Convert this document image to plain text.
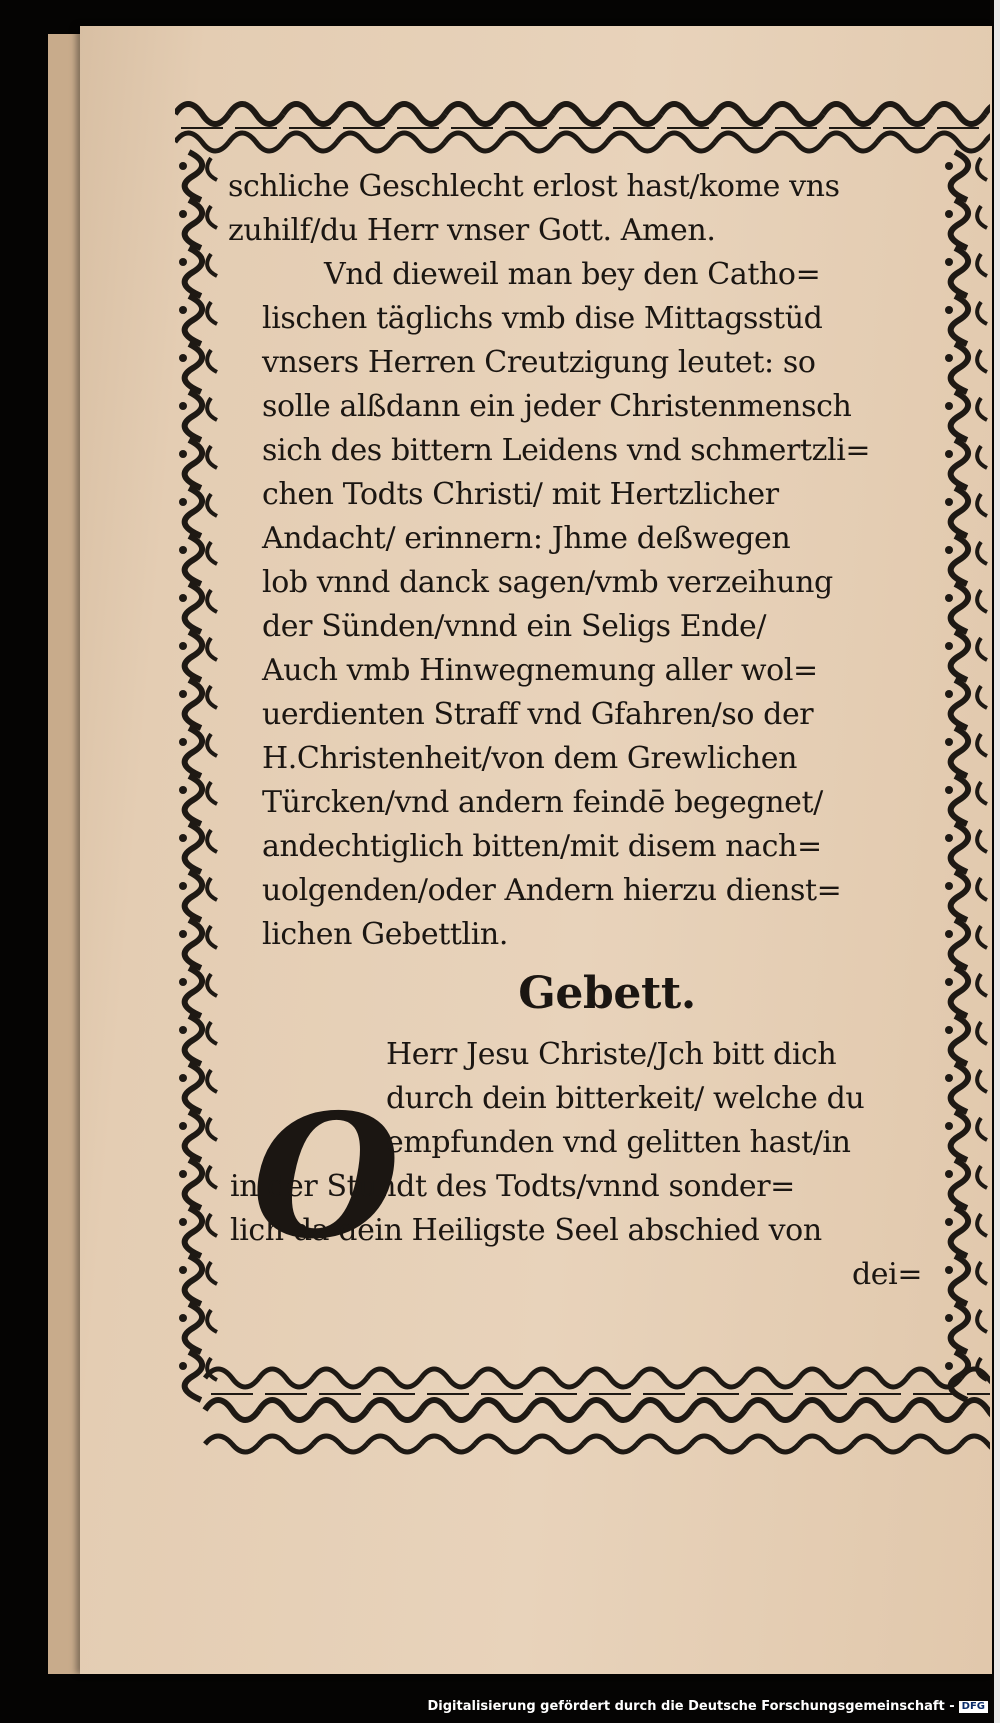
schliche Geschlecht erlost hast/kome vns
zuhilf/du Herr vnser Gott. Amen.
Vnd dieweil man bey den Catho=
lischen täglichs vmb dise Mittagsstüd
vnsers Herren Creutzigung leutet: so
solle alßdann ein jeder Christenmensch
sich des bittern Leidens vnd schmertzli=
chen Todts Christi/ mit Hertzlicher
Andacht/ erinnern: Jhme deßwegen
lob vnnd danck sagen/vmb verzeihung
der Sünden/vnnd ein Seligs Ende/
Auch vmb Hinwegnemung aller wol=
uerdienten Straff vnd Gfahren/so der
H.Christenheit/von dem Grewlichen
Türcken/vnd andern feindē begegnet/
andechtiglich bitten/mit disem nach=
uolgenden/oder Andern hierzu dienst=
lichen Gebettlin.
Gebett.
O
Herr Jesu Christe/Jch bitt dich
durch dein bitterkeit/ welche du
empfunden vnd gelitten hast/in
in der Stundt des Todts/vnnd sonder=
lich da dein Heiligste Seel abschied von
dei=
Digitalisierung gefördert durch die Deutsche Forschungsgemeinschaft - DFG
